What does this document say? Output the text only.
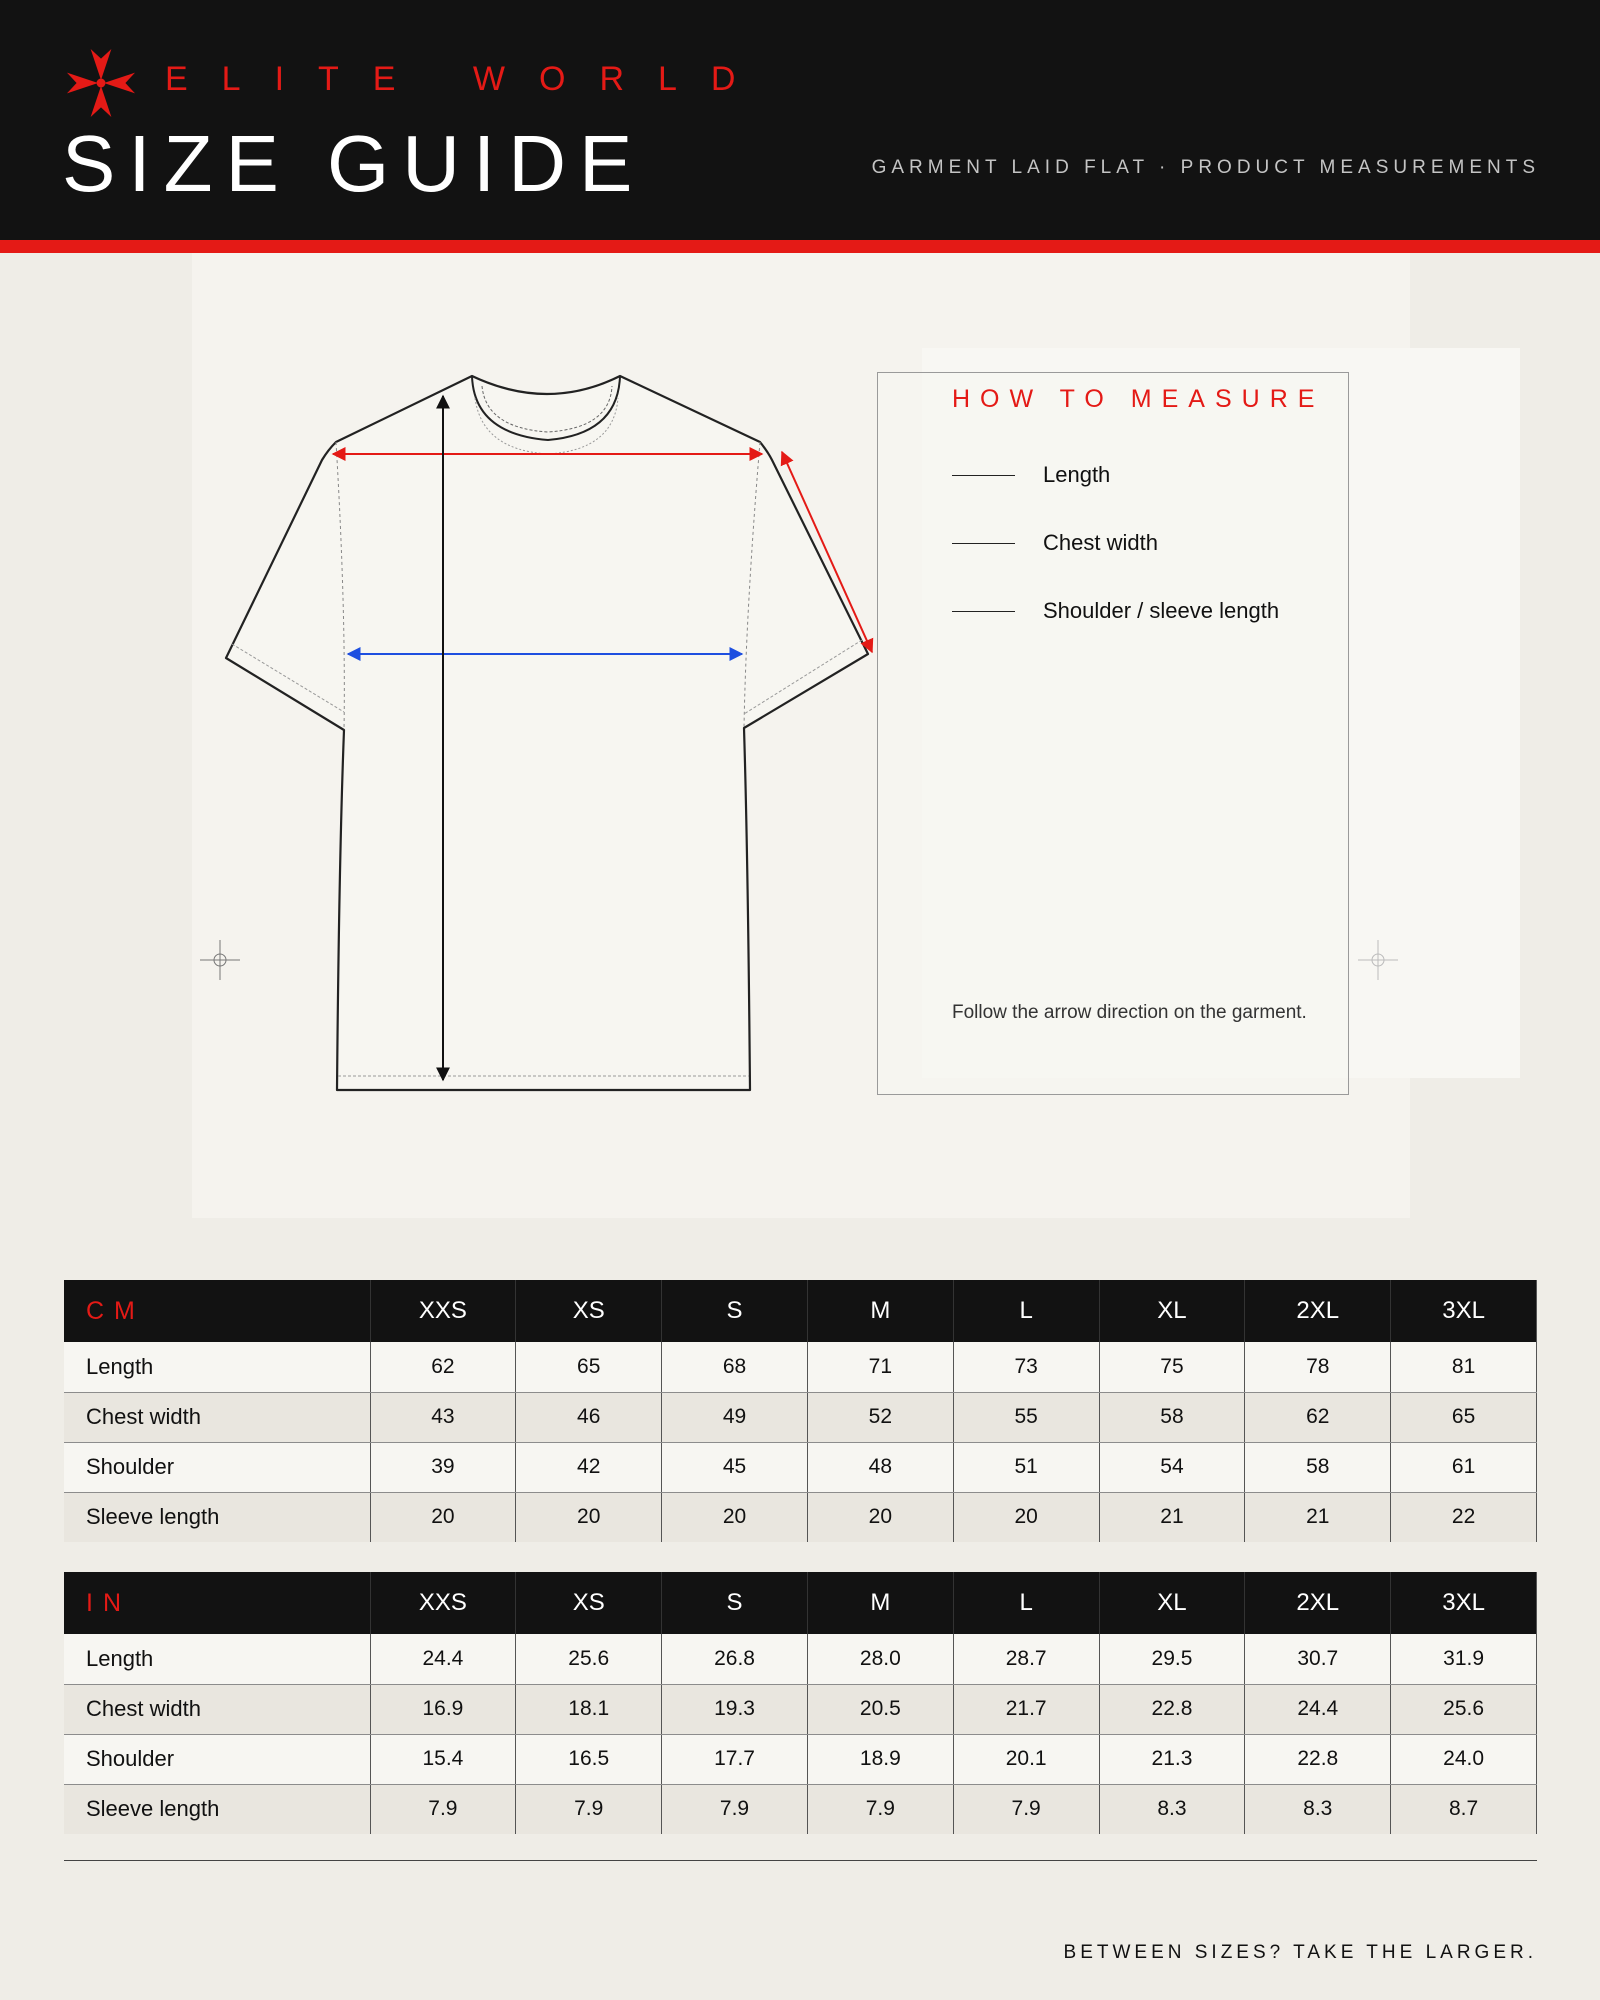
ELITE WORLD
SIZE GUIDE	GARMENT LAID FLAT · PRODUCT MEASUREMENTS
HOW TO MEASURE
Length
Chest width
Shoulder / sleeve length
Follow the arrow direction on the garment.
CM	XXS	XS	S	M	L	XL	2XL	3XL
Length	62	65	68	71	73	75	78	81
Chest width	43	46	49	52	55	58	62	65
Shoulder	39	42	45	48	51	54	58	61
Sleeve length	20	20	20	20	20	21	21	22
IN	XXS	XS	S	M	L	XL	2XL	3XL
Length	24.4	25.6	26.8	28.0	28.7	29.5	30.7	31.9
Chest width	16.9	18.1	19.3	20.5	21.7	22.8	24.4	25.6
Shoulder	15.4	16.5	17.7	18.9	20.1	21.3	22.8	24.0
Sleeve length	7.9	7.9	7.9	7.9	7.9	8.3	8.3	8.7
BETWEEN SIZES? TAKE THE LARGER.
